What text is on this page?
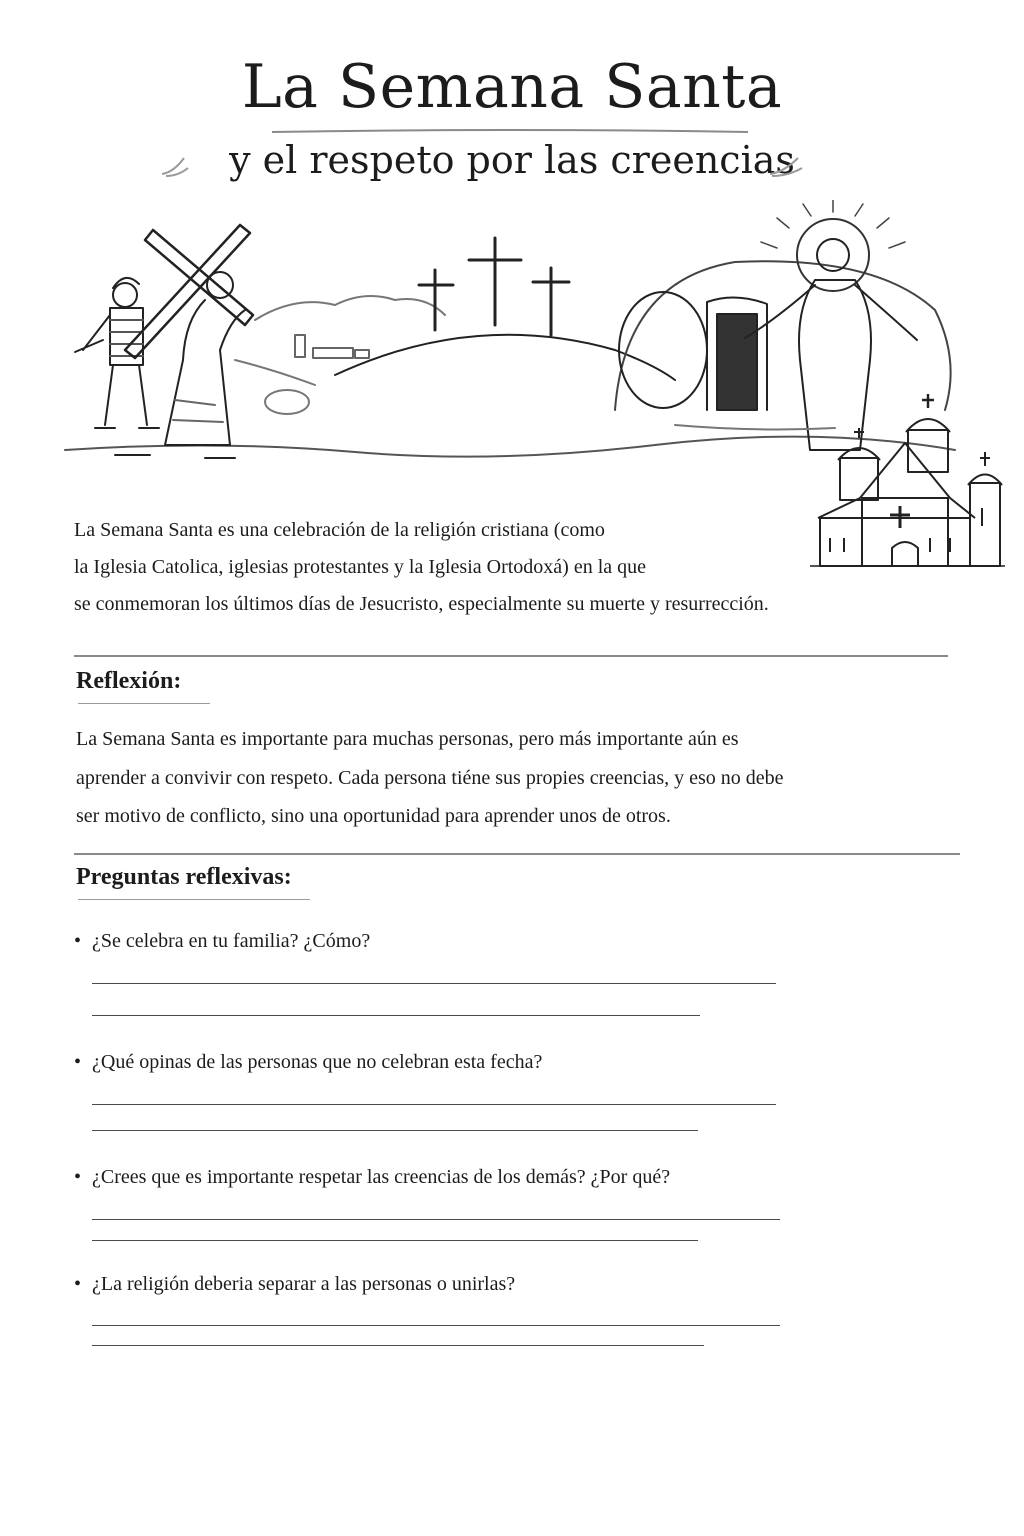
La Semana Santa
y el respeto por las creencias

La Semana Santa es una celebración de la religión cristiana (como
la Iglesia Catolica, iglesias protestantes y la Iglesia Ortodoxá) en la que
se conmemoran los últimos días de Jesucristo, especialmente su muerte y resurrección.

Reflexión:

La Semana Santa es importante para muchas personas, pero más importante aún es
aprender a convivir con respeto. Cada persona tiéne sus propies creencias, y eso no debe
ser motivo de conflicto, sino una oportunidad para aprender unos de otros.

Preguntas reflexivas:
• ¿Se celebra en tu familia? ¿Cómo?
• ¿Qué opinas de las personas que no celebran esta fecha?
• ¿Crees que es importante respetar las creencias de los demás? ¿Por qué?
• ¿La religión deberia separar a las personas o unirlas?
